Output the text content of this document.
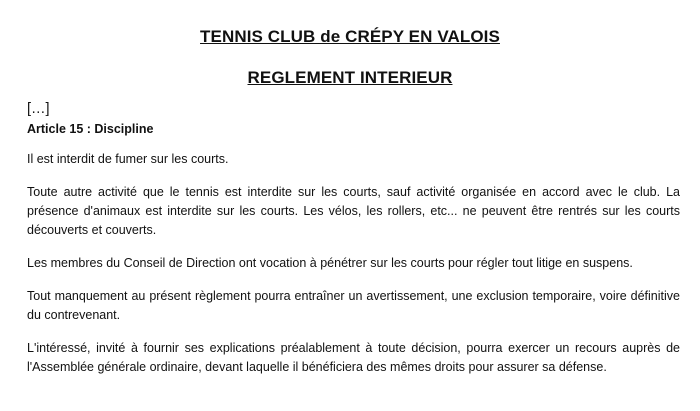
TENNIS CLUB de CRÉPY EN VALOIS
REGLEMENT INTERIEUR

[…]

Article 15 : Discipline

Il est interdit de fumer sur les courts.

Toute autre activité que le tennis est interdite sur les courts, sauf activité organisée en accord avec le club. La présence d'animaux est interdite sur les courts. Les vélos, les rollers, etc... ne peuvent être rentrés sur les courts découverts et couverts.

Les membres du Conseil de Direction ont vocation à pénétrer sur les courts pour régler tout litige en suspens.

Tout manquement au présent règlement pourra entraîner un avertissement, une exclusion temporaire, voire définitive du contrevenant.

L'intéressé, invité à fournir ses explications préalablement à toute décision, pourra exercer un recours auprès de l'Assemblée générale ordinaire, devant laquelle il bénéficiera des mêmes droits pour assurer sa défense.
